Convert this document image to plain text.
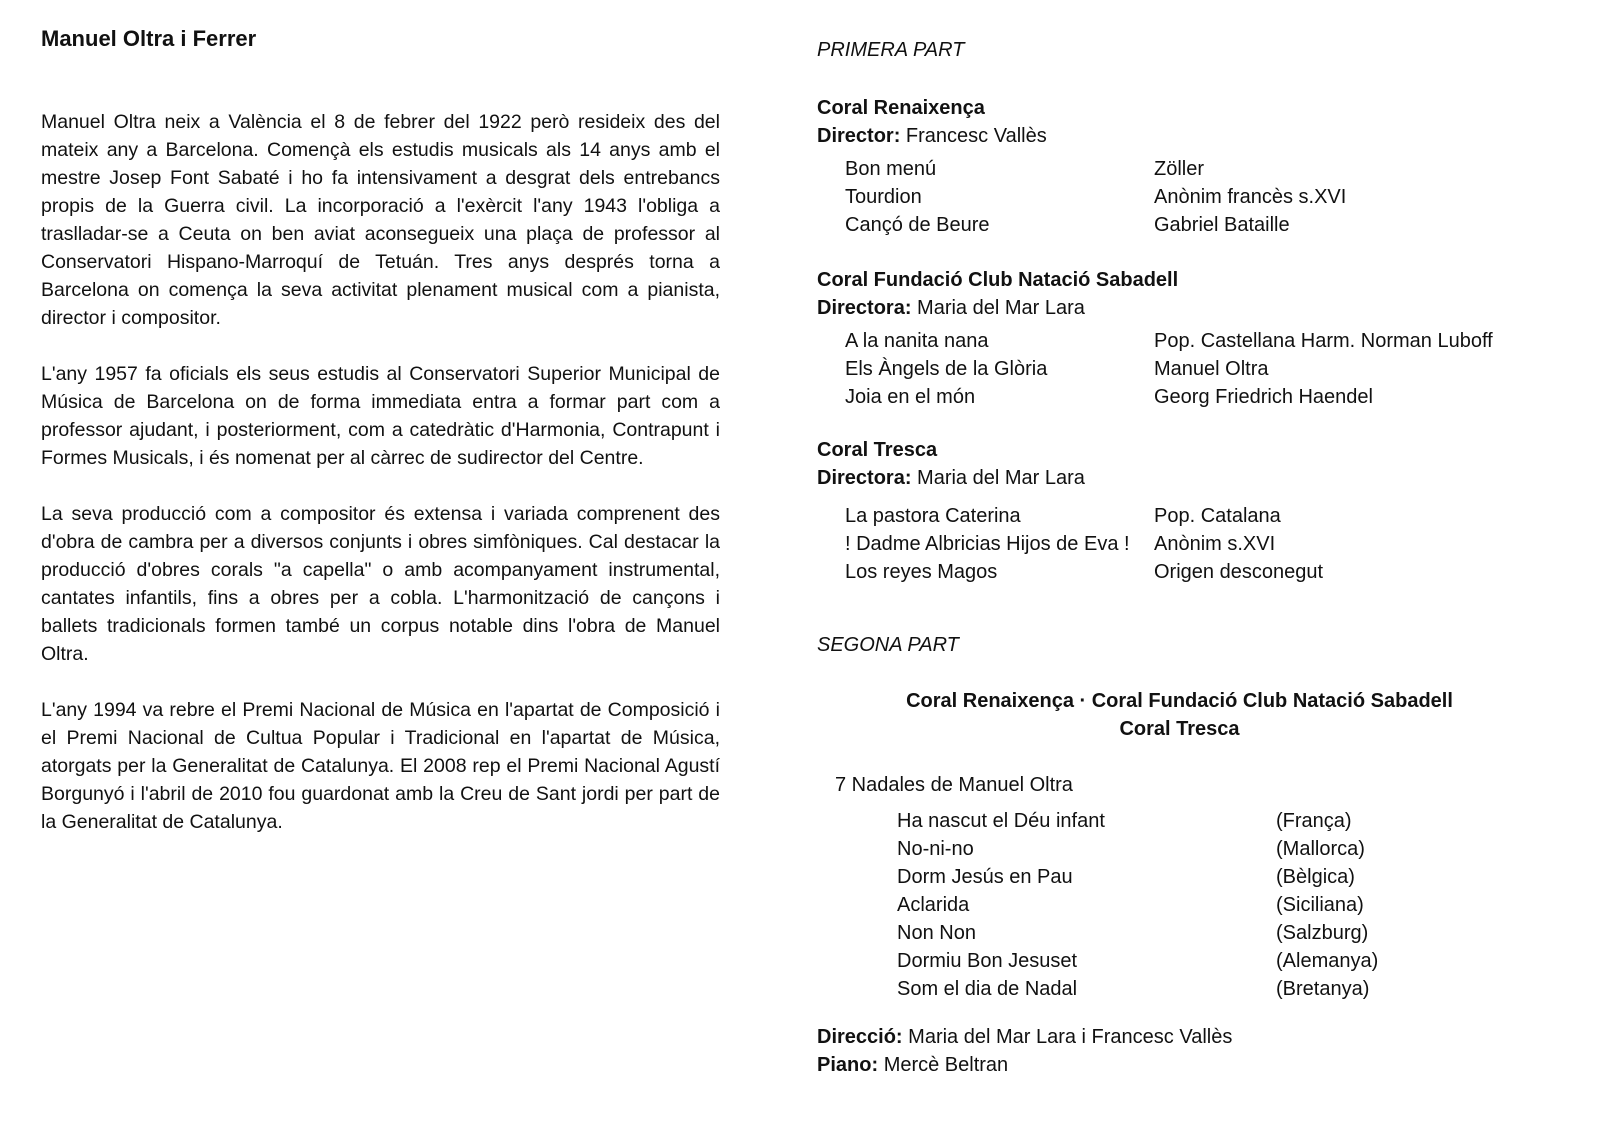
Manuel Oltra i Ferrer

Manuel Oltra neix a València el 8 de febrer del 1922 però resideix des del mateix any a Barcelona. Començà els estudis musicals als 14 anys amb el mestre Josep Font Sabaté i ho fa intensivament a desgrat dels entrebancs propis de la Guerra civil. La incorporació a l'exèrcit l'any 1943 l'obliga a traslladar-se a Ceuta on ben aviat aconsegueix una plaça de professor al Conservatori Hispano-Marroquí de Tetuán. Tres anys després torna a Barcelona on comença la seva activitat plenament musical com a pianista, director i compositor.

L'any 1957 fa oficials els seus estudis al Conservatori Superior Municipal de Música de Barcelona on de forma immediata entra a formar part com a professor ajudant, i posteriorment, com a catedràtic d'Harmonia, Contrapunt i Formes Musicals, i és nomenat per al càrrec de sudirector del Centre.

La seva producció com a compositor és extensa i variada comprenent des d'obra de cambra per a diversos conjunts i obres simfòniques. Cal destacar la producció d'obres corals "a capella" o amb acompanyament instrumental, cantates infantils, fins a obres per a cobla. L'harmonització de cançons i ballets tradicionals formen també un corpus notable dins l'obra de Manuel Oltra.

L'any 1994 va rebre el Premi Nacional de Música en l'apartat de Composició i el Premi Nacional de Cultua Popular i Tradicional en l'apartat de Música, atorgats per la Generalitat de Catalunya. El 2008 rep el Premi Nacional Agustí Borgunyó i l'abril de 2010 fou guardonat amb la Creu de Sant jordi per part de la Generalitat de Catalunya.

PRIMERA PART

Coral Renaixença

Director: Francesc Vallès

Bon menú	Zöller
Tourdion	Anònim francès s.XVI
Cançó de Beure	Gabriel Bataille

Coral Fundació Club Natació Sabadell

Directora: Maria del Mar Lara

A la nanita nana	Pop. Castellana Harm. Norman Luboff
Els Àngels de la Glòria	Manuel Oltra
Joia en el món	Georg Friedrich Haendel

Coral Tresca

Directora: Maria del Mar Lara

La pastora Caterina	Pop. Catalana
! Dadme Albricias Hijos de Eva !	Anònim s.XVI
Los reyes Magos	Origen desconegut

SEGONA PART

Coral Renaixença · Coral Fundació Club Natació Sabadell
Coral Tresca

7 Nadales de Manuel Oltra

Ha nascut el Déu infant	(França)
No-ni-no	(Mallorca)
Dorm Jesús en Pau	(Bèlgica)
Aclarida	(Siciliana)
Non Non	(Salzburg)
Dormiu Bon Jesuset	(Alemanya)
Som el dia de Nadal	(Bretanya)

Direcció: Maria del Mar Lara i Francesc Vallès

Piano: Mercè Beltran
